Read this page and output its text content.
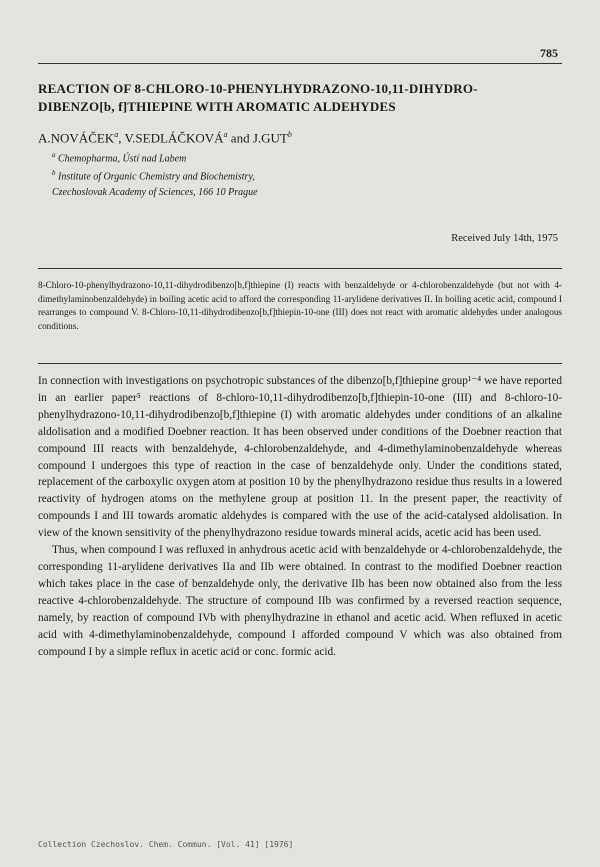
785
REACTION OF 8-CHLORO-10-PHENYLHYDRAZONO-10,11-DIHYDRO-
DIBENZO[b, f]THIEPINE WITH AROMATIC ALDEHYDES
A.NOVÁČEK$^a$, V.SEDLÁČKOVÁ$^a$ and J.GUT$^b$
$^a$ Chemopharma, Ústí nad Labem
$^b$ Institute of Organic Chemistry and Biochemistry,
Czechoslovak Academy of Sciences, 166 10 Prague
Received July 14th, 1975
8-Chloro-10-phenylhydrazono-10,11-dihydrodibenzo[b,f]thiepine (I) reacts with benzaldehyde or 4-chlorobenzaldehyde (but not with 4-dimethylaminobenzaldehyde) in boiling acetic acid to afford the corresponding 11-arylidene derivatives II. In boiling acetic acid, compound I rearranges to compound V. 8-Chloro-10,11-dihydrodibenzo[b,f]thiepin-10-one (III) does not react with aromatic aldehydes under analogous conditions.

In connection with investigations on psychotropic substances of the dibenzo[b,f]thiepine group¹⁻⁴ we have reported in an earlier paper⁵ reactions of 8-chloro-10,11-dihydrodibenzo[b,f]thiepin-10-one (III) and 8-chloro-10-phenylhydrazono-10,11-dihydrodibenzo[b,f]thiepine (I) with aromatic aldehydes under conditions of an alkaline aldolisation and a modified Doebner reaction. It has been observed under conditions of the Doebner reaction that compound III reacts with benzaldehyde, 4-chlorobenzaldehyde, and 4-dimethylaminobenzaldehyde whereas compound I undergoes this type of reaction in the case of benzaldehyde only. Under the conditions stated, replacement of the carboxylic oxygen atom at position 10 by the phenylhydrazono residue thus results in a lowered reactivity of hydrogen atoms on the methylene group at position 11. In the present paper, the reactivity of compounds I and III towards aromatic aldehydes is compared with the use of the acid-catalysed aldolisation. In view of the known sensitivity of the phenylhydrazono residue towards mineral acids, acetic acid has been used.

Thus, when compound I was refluxed in anhydrous acetic acid with benzaldehyde or 4-chlorobenzaldehyde, the corresponding 11-arylidene derivatives IIa and IIb were obtained. In contrast to the modified Doebner reaction which takes place in the case of benzaldehyde only, the derivative IIb has been now obtained also from the less reactive 4-chlorobenzaldehyde. The structure of compound IIb was confirmed by a reversed reaction sequence, namely, by reaction of compound IVb with phenylhydrazine in ethanol and acetic acid. When refluxed in acetic acid with 4-dimethylaminobenzaldehyde, compound I afforded compound V which was also obtained from compound I by a simple reflux in acetic acid or conc. formic acid.

Collection Czechoslov. Chem. Commun. [Vol. 41] [1976]
